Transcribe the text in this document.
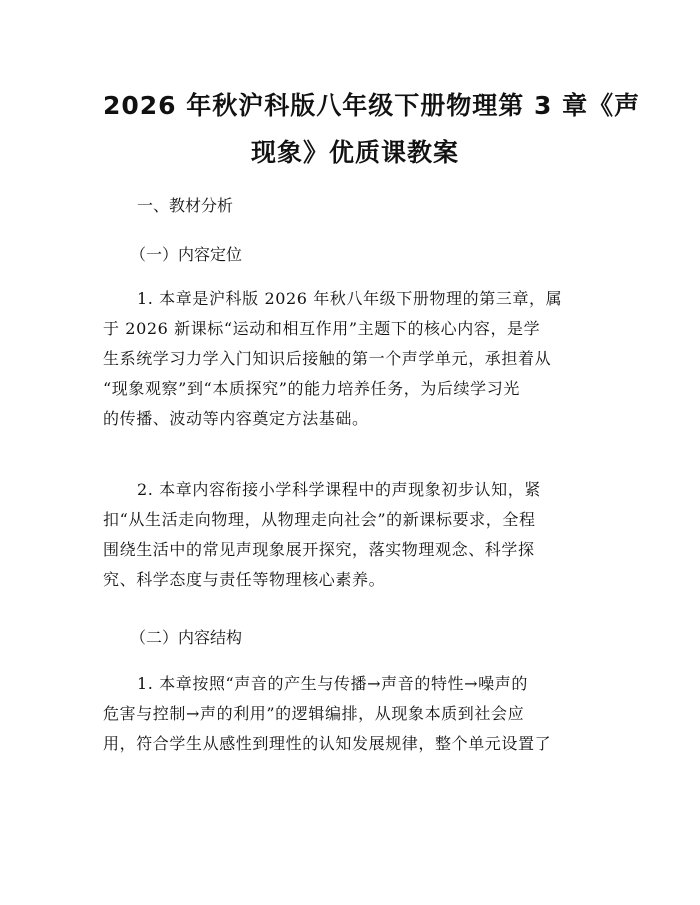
2026 年秋沪科版八年级下册物理第 3 章《声
现象》优质课教案

一、教材分析

（一）内容定位

1. 本章是沪科版 2026 年秋八年级下册物理的第三章，属
于 2026 新课标“运动和相互作用”主题下的核心内容，是学
生系统学习力学入门知识后接触的第一个声学单元，承担着从
“现象观察”到“本质探究”的能力培养任务，为后续学习光
的传播、波动等内容奠定方法基础。
2. 本章内容衔接小学科学课程中的声现象初步认知，紧
扣“从生活走向物理，从物理走向社会”的新课标要求，全程
围绕生活中的常见声现象展开探究，落实物理观念、科学探
究、科学态度与责任等物理核心素养。

（二）内容结构

1. 本章按照“声音的产生与传播→声音的特性→噪声的
危害与控制→声的利用”的逻辑编排，从现象本质到社会应
用，符合学生从感性到理性的认知发展规律，整个单元设置了
